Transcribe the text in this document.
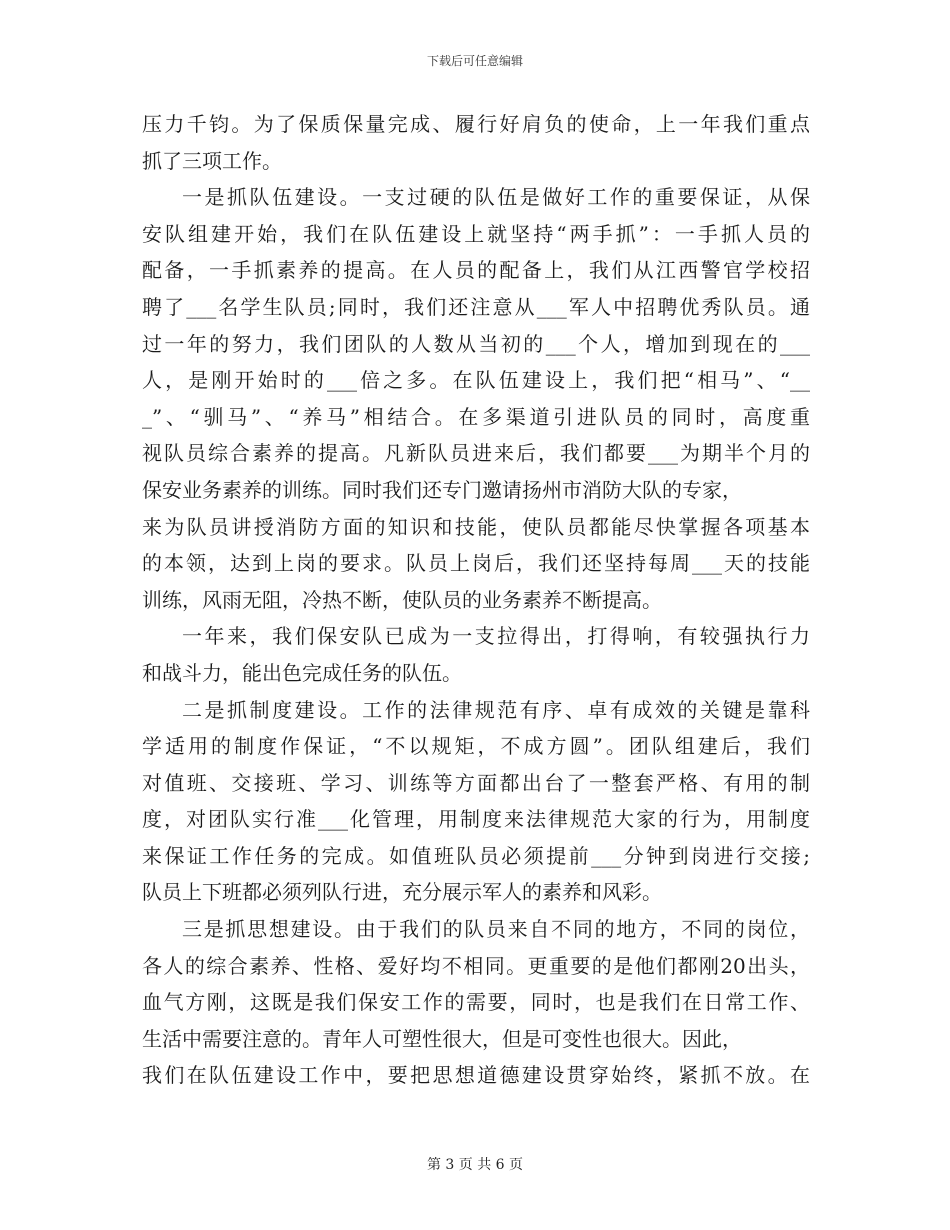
下载后可任意编辑
压力千钧。为了保质保量完成、履行好肩负的使命，上一年我们重点
抓了三项工作。
一是抓队伍建设。一支过硬的队伍是做好工作的重要保证，从保
安队组建开始，我们在队伍建设上就坚持“两手抓”：一手抓人员的
配备，一手抓素养的提高。在人员的配备上，我们从江西警官学校招
聘了___名学生队员;同时，我们还注意从___军人中招聘优秀队员。通
过一年的努力，我们团队的人数从当初的___个人，增加到现在的___
人，是刚开始时的___倍之多。在队伍建设上，我们把“相马”、“__
_”、“驯马”、“养马”相结合。在多渠道引进队员的同时，高度重
视队员综合素养的提高。凡新队员进来后，我们都要___为期半个月的
保安业务素养的训练。同时我们还专门邀请扬州市消防大队的专家，
来为队员讲授消防方面的知识和技能，使队员都能尽快掌握各项基本
的本领，达到上岗的要求。队员上岗后，我们还坚持每周___天的技能
训练，风雨无阻，冷热不断，使队员的业务素养不断提高。
一年来，我们保安队已成为一支拉得出，打得响，有较强执行力
和战斗力，能出色完成任务的队伍。
二是抓制度建设。工作的法律规范有序、卓有成效的关键是靠科
学适用的制度作保证，“不以规矩，不成方圆”。团队组建后，我们
对值班、交接班、学习、训练等方面都出台了一整套严格、有用的制
度，对团队实行准___化管理，用制度来法律规范大家的行为，用制度
来保证工作任务的完成。如值班队员必须提前___分钟到岗进行交接;
队员上下班都必须列队行进，充分展示军人的素养和风彩。
三是抓思想建设。由于我们的队员来自不同的地方，不同的岗位，
各人的综合素养、性格、爱好均不相同。更重要的是他们都刚20出头，
血气方刚，这既是我们保安工作的需要，同时，也是我们在日常工作、
生活中需要注意的。青年人可塑性很大，但是可变性也很大。因此，
我们在队伍建设工作中，要把思想道德建设贯穿始终，紧抓不放。在
第 3 页 共 6 页
